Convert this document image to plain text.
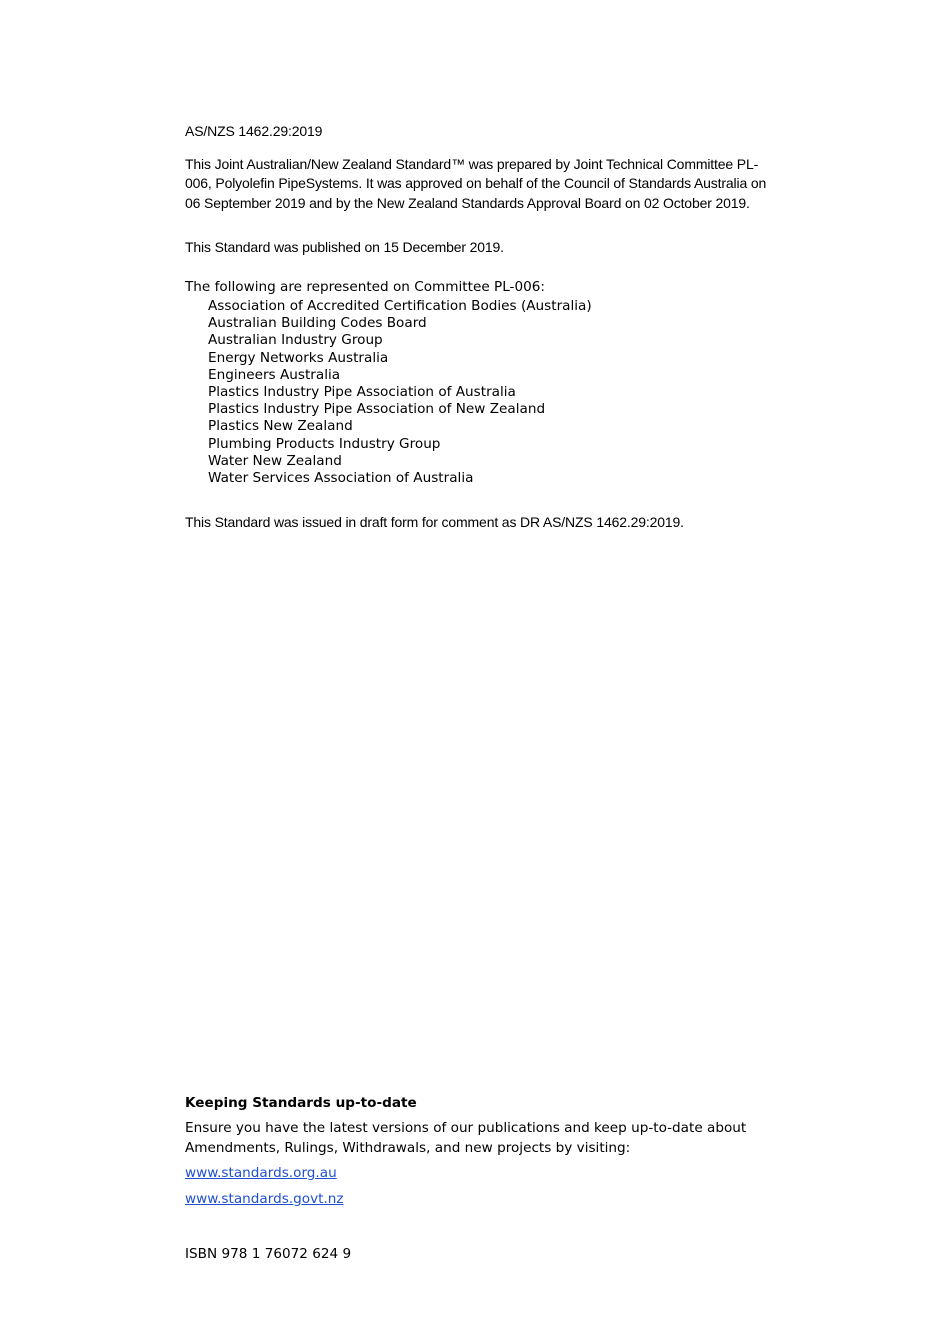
AS/NZS 1462.29:2019

This Joint Australian/New Zealand Standard™ was prepared by Joint Technical Committee PL-006, Polyolefin PipeSystems. It was approved on behalf of the Council of Standards Australia on 06 September 2019 and by the New Zealand Standards Approval Board on 02 October 2019.

This Standard was published on 15 December 2019.

The following are represented on Committee PL-006:

Association of Accredited Certification Bodies (Australia)
Australian Building Codes Board
Australian Industry Group
Energy Networks Australia
Engineers Australia
Plastics Industry Pipe Association of Australia
Plastics Industry Pipe Association of New Zealand
Plastics New Zealand
Plumbing Products Industry Group
Water New Zealand
Water Services Association of Australia

This Standard was issued in draft form for comment as DR AS/NZS 1462.29:2019.

Keeping Standards up-to-date

Ensure you have the latest versions of our publications and keep up-to-date about Amendments, Rulings, Withdrawals, and new projects by visiting:

www.standards.org.au
www.standards.govt.nz

ISBN 978 1 76072 624 9
